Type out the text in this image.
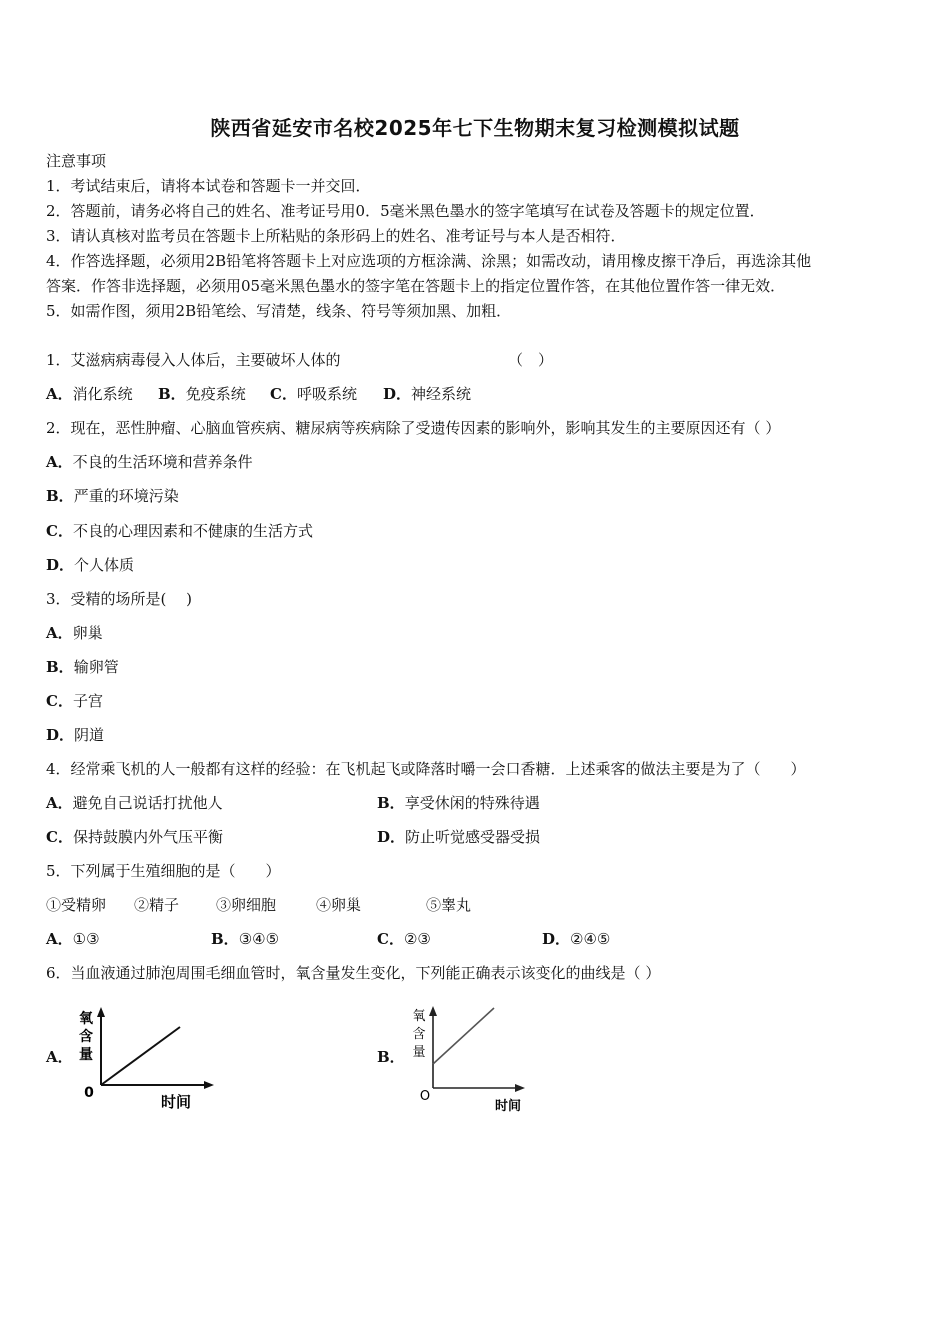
陕西省延安市名校2025年七下生物期末复习检测模拟试题
注意事项
1．考试结束后，请将本试卷和答题卡一并交回．
2．答题前，请务必将自己的姓名、准考证号用0．5毫米黑色墨水的签字笔填写在试卷及答题卡的规定位置．
3．请认真核对监考员在答题卡上所粘贴的条形码上的姓名、准考证号与本人是否相符．
4．作答选择题，必须用2B铅笔将答题卡上对应选项的方框涂满、涂黑；如需改动，请用橡皮擦干净后，再选涂其他
答案．作答非选择题，必须用05毫米黑色墨水的签字笔在答题卡上的指定位置作答，在其他位置作答一律无效．
5．如需作图，须用2B铅笔绘、写清楚，线条、符号等须加黑、加粗．
1．艾滋病病毒侵入人体后，主要破坏人体的	（　）
A．消化系统 B．免疫系统 C．呼吸系统 D．神经系统
2．现在，恶性肿瘤、心脑血管疾病、糖尿病等疾病除了受遗传因素的影响外，影响其发生的主要原因还有（ ）
A．不良的生活环境和营养条件
B．严重的环境污染
C．不良的心理因素和不健康的生活方式
D．个人体质
3．受精的场所是(　 )
A．卵巢
B．输卵管
C．子宫
D．阴道
4．经常乘飞机的人一般都有这样的经验：在飞机起飞或降落时嚼一会口香糖．上述乘客的做法主要是为了（　　）
A．避免自己说话打扰他人	B．享受休闲的特殊待遇
C．保持鼓膜内外气压平衡	D．防止听觉感受器受损
5．下列属于生殖细胞的是（　　）
①受精卵 ②精子 ③卵细胞	④卵巢	⑤睾丸
A．①③	B．③④⑤	C．②③	D．②④⑤
6．当血液通过肺泡周围毛细血管时，氧含量发生变化，下列能正确表示该变化的曲线是（ ）
A．
氧
含
量
0	时间
B．
氧
含
量
O
时间
